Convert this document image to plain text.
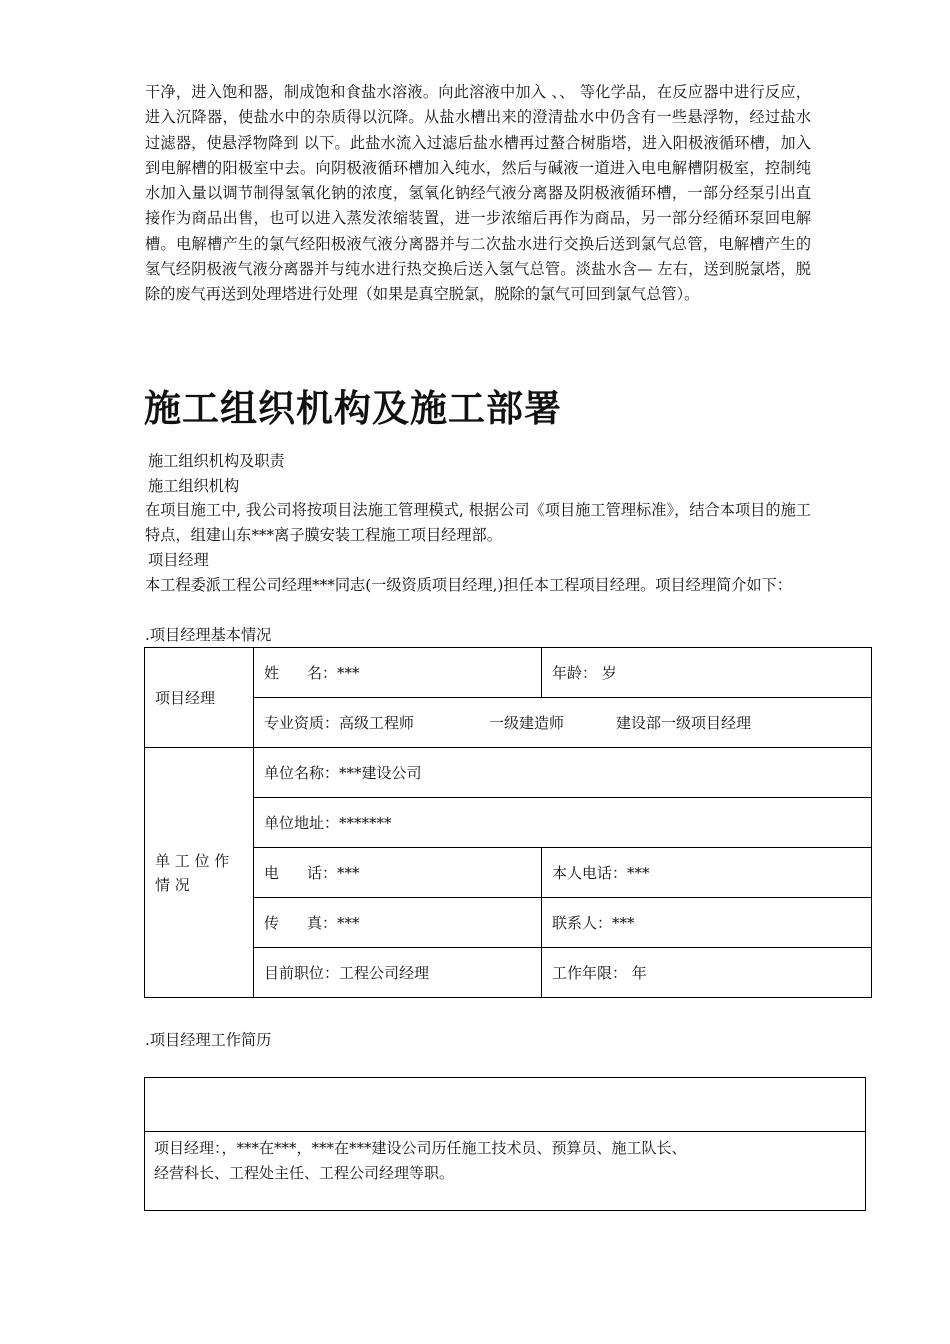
干净，进入饱和器，制成饱和食盐水溶液。向此溶液中加入 、、 等化学品，在反应器中进行反应，进入沉降器，使盐水中的杂质得以沉降。从盐水槽出来的澄清盐水中仍含有一些悬浮物，经过盐水过滤器，使悬浮物降到 以下。此盐水流入过滤后盐水槽再过螯合树脂塔，进入阳极液循环槽，加入到电解槽的阳极室中去。向阴极液循环槽加入纯水，然后与碱液一道进入电电解槽阴极室，控制纯水加入量以调节制得氢氧化钠的浓度，氢氧化钠经气液分离器及阴极液循环槽，一部分经泵引出直接作为商品出售，也可以进入蒸发浓缩装置，进一步浓缩后再作为商品，另一部分经循环泵回电解槽。电解槽产生的氯气经阳极液气液分离器并与二次盐水进行交换后送到氯气总管，电解槽产生的氢气经阴极液气液分离器并与纯水进行热交换后送入氢气总管。淡盐水含— 左右，送到脱氯塔，脱除的废气再送到处理塔进行处理（如果是真空脱氯，脱除的氯气可回到氯气总管）。
施工组织机构及施工部署
施工组织机构及职责
施工组织机构
在项目施工中, 我公司将按项目法施工管理模式, 根据公司《项目施工管理标准》，结合本项目的施工特点，组建山东***离子膜安装工程施工项目经理部。
项目经理
本工程委派工程公司经理***同志(一级资质项目经理,)担任本工程项目经理。项目经理简介如下：
.项目经理基本情况
项目经理	姓 名：***	年龄： 岁
	专业资质：高级工程师 一级建造师 建设部一级项目经理	

单 工 位 作
情 况	单位名称：***建设公司	
	单位地址：*******	
	电 话：***	本人电话：***
	传 真：***	联系人：***
	目前职位：工程公司经理	工作年限： 年
.项目经理工作简历

项目经理：，***在***，***在***建设公司历任施工技术员、预算员、施工队长、
经营科长、工程处主任、工程公司经理等职。
